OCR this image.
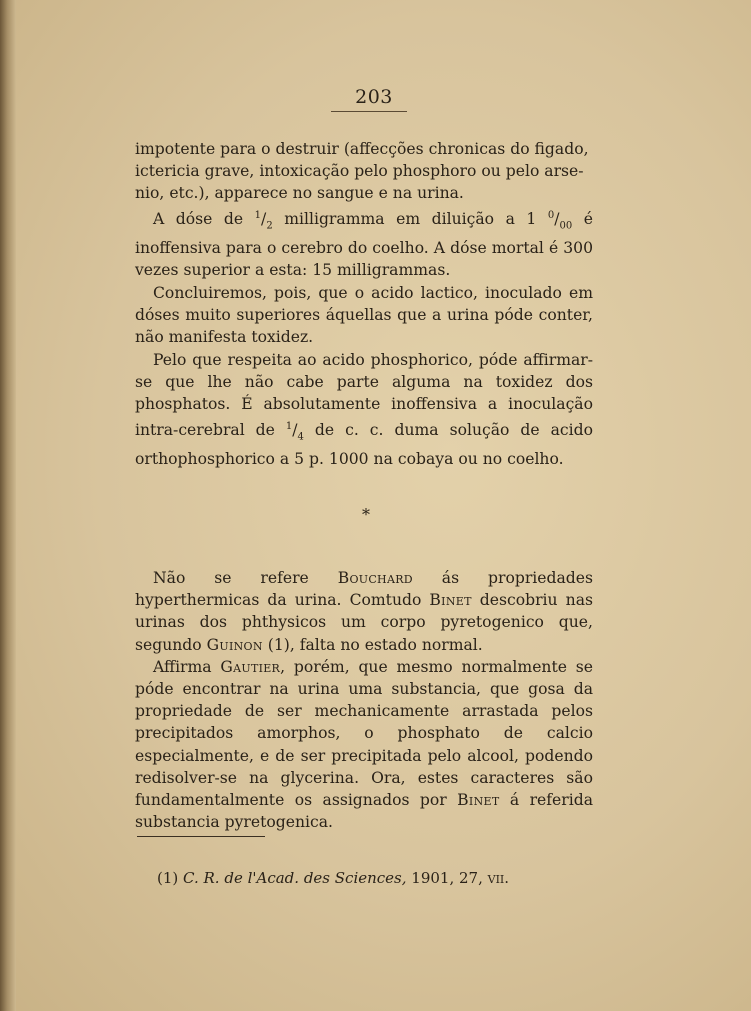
203

impotente para o destruir (affecções chronicas do figado,
ictericia grave, intoxicação pelo phosphoro ou pelo arse-
nio, etc.), apparece no sangue e na urina.

A dóse de $^1/_2$ milligramma em diluição a 1 $^0/_{00}$ é inoffensiva para o cerebro do coelho. A dóse mortal é 300 vezes superior a esta: 15 milligrammas.

Concluiremos, pois, que o acido lactico, inoculado em dóses muito superiores áquellas que a urina póde conter, não manifesta toxidez.

Pelo que respeita ao acido phosphorico, póde affirmar-se que lhe não cabe parte alguma na toxidez dos phosphatos. É absolutamente inoffensiva a inoculação intra-cerebral de $^1/_4$ de c. c. duma solução de acido orthophosphorico a 5 p. 1000 na cobaya ou no coelho.

*

Não se refere Bouchard ás propriedades hyperthermicas da urina. Comtudo Binet descobriu nas urinas dos phthysicos um corpo pyretogenico que, segundo Guinon (1), falta no estado normal.

Affirma Gautier, porém, que mesmo normalmente se póde encontrar na urina uma substancia, que gosa da propriedade de ser mechanicamente arrastada pelos precipitados amorphos, o phosphato de calcio especialmente, e de ser precipitada pelo alcool, podendo redisolver-se na glycerina. Ora, estes caracteres são fundamentalmente os assignados por Binet á referida substancia pyretogenica.

(1) C. R. de l'Acad. des Sciences, 1901, 27, vii.
